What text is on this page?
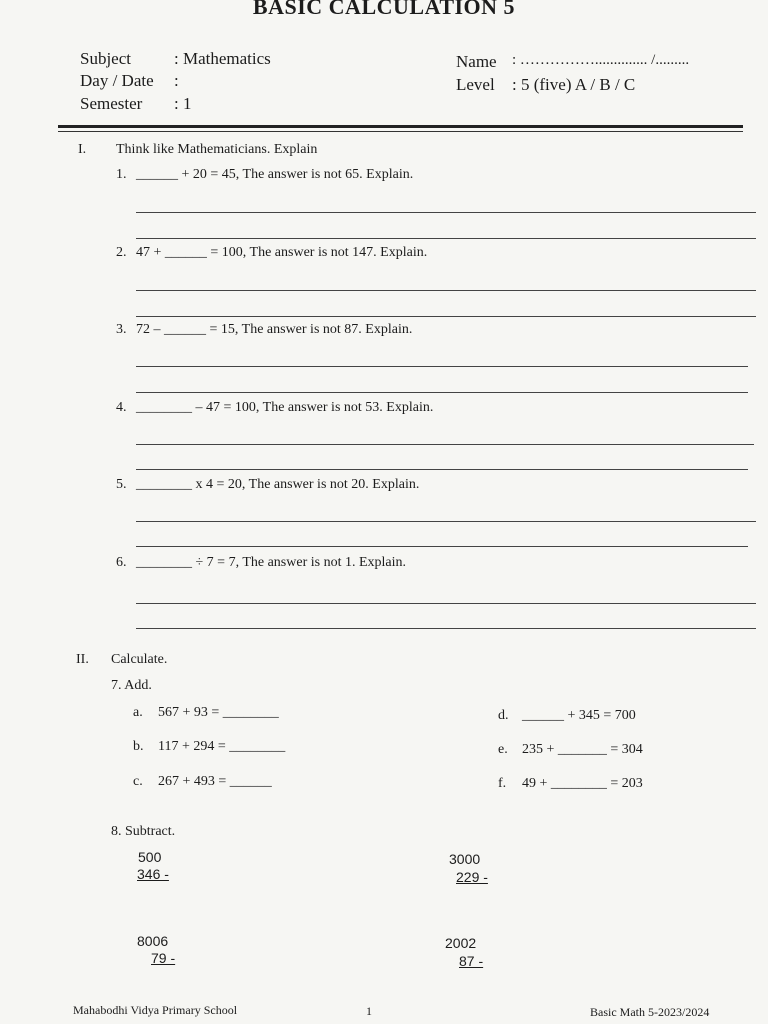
BASIC CALCULATION 5
Subject	: Mathematics
Day / Date :
Semester : 1
Name : …………….............. /.........
Level : 5 (five) A / B / C
I. Think like Mathematicians. Explain
1. ______ + 20 = 45, The answer is not 65. Explain.
2. 47 + ______ = 100, The answer is not 147. Explain.
3. 72 – ______ = 15, The answer is not 87. Explain.
4. ________ – 47 = 100, The answer is not 53. Explain.
5. ________ x 4 = 20, The answer is not 20. Explain.
6. ________ ÷ 7 = 7, The answer is not 1. Explain.
II. Calculate.
7. Add.
a. 567 + 93 = ________
b. 117 + 294 = ________
c. 267 + 493 = ______
d. ______ + 345 = 700
e. 235 + _______ = 304
f. 49 + ________ = 203
8. Subtract.
500
346 -
3000
229 -
8006
79 -
2002
87 -
Mahabodhi Vidya Primary School	1	Basic Math 5-2023/2024
